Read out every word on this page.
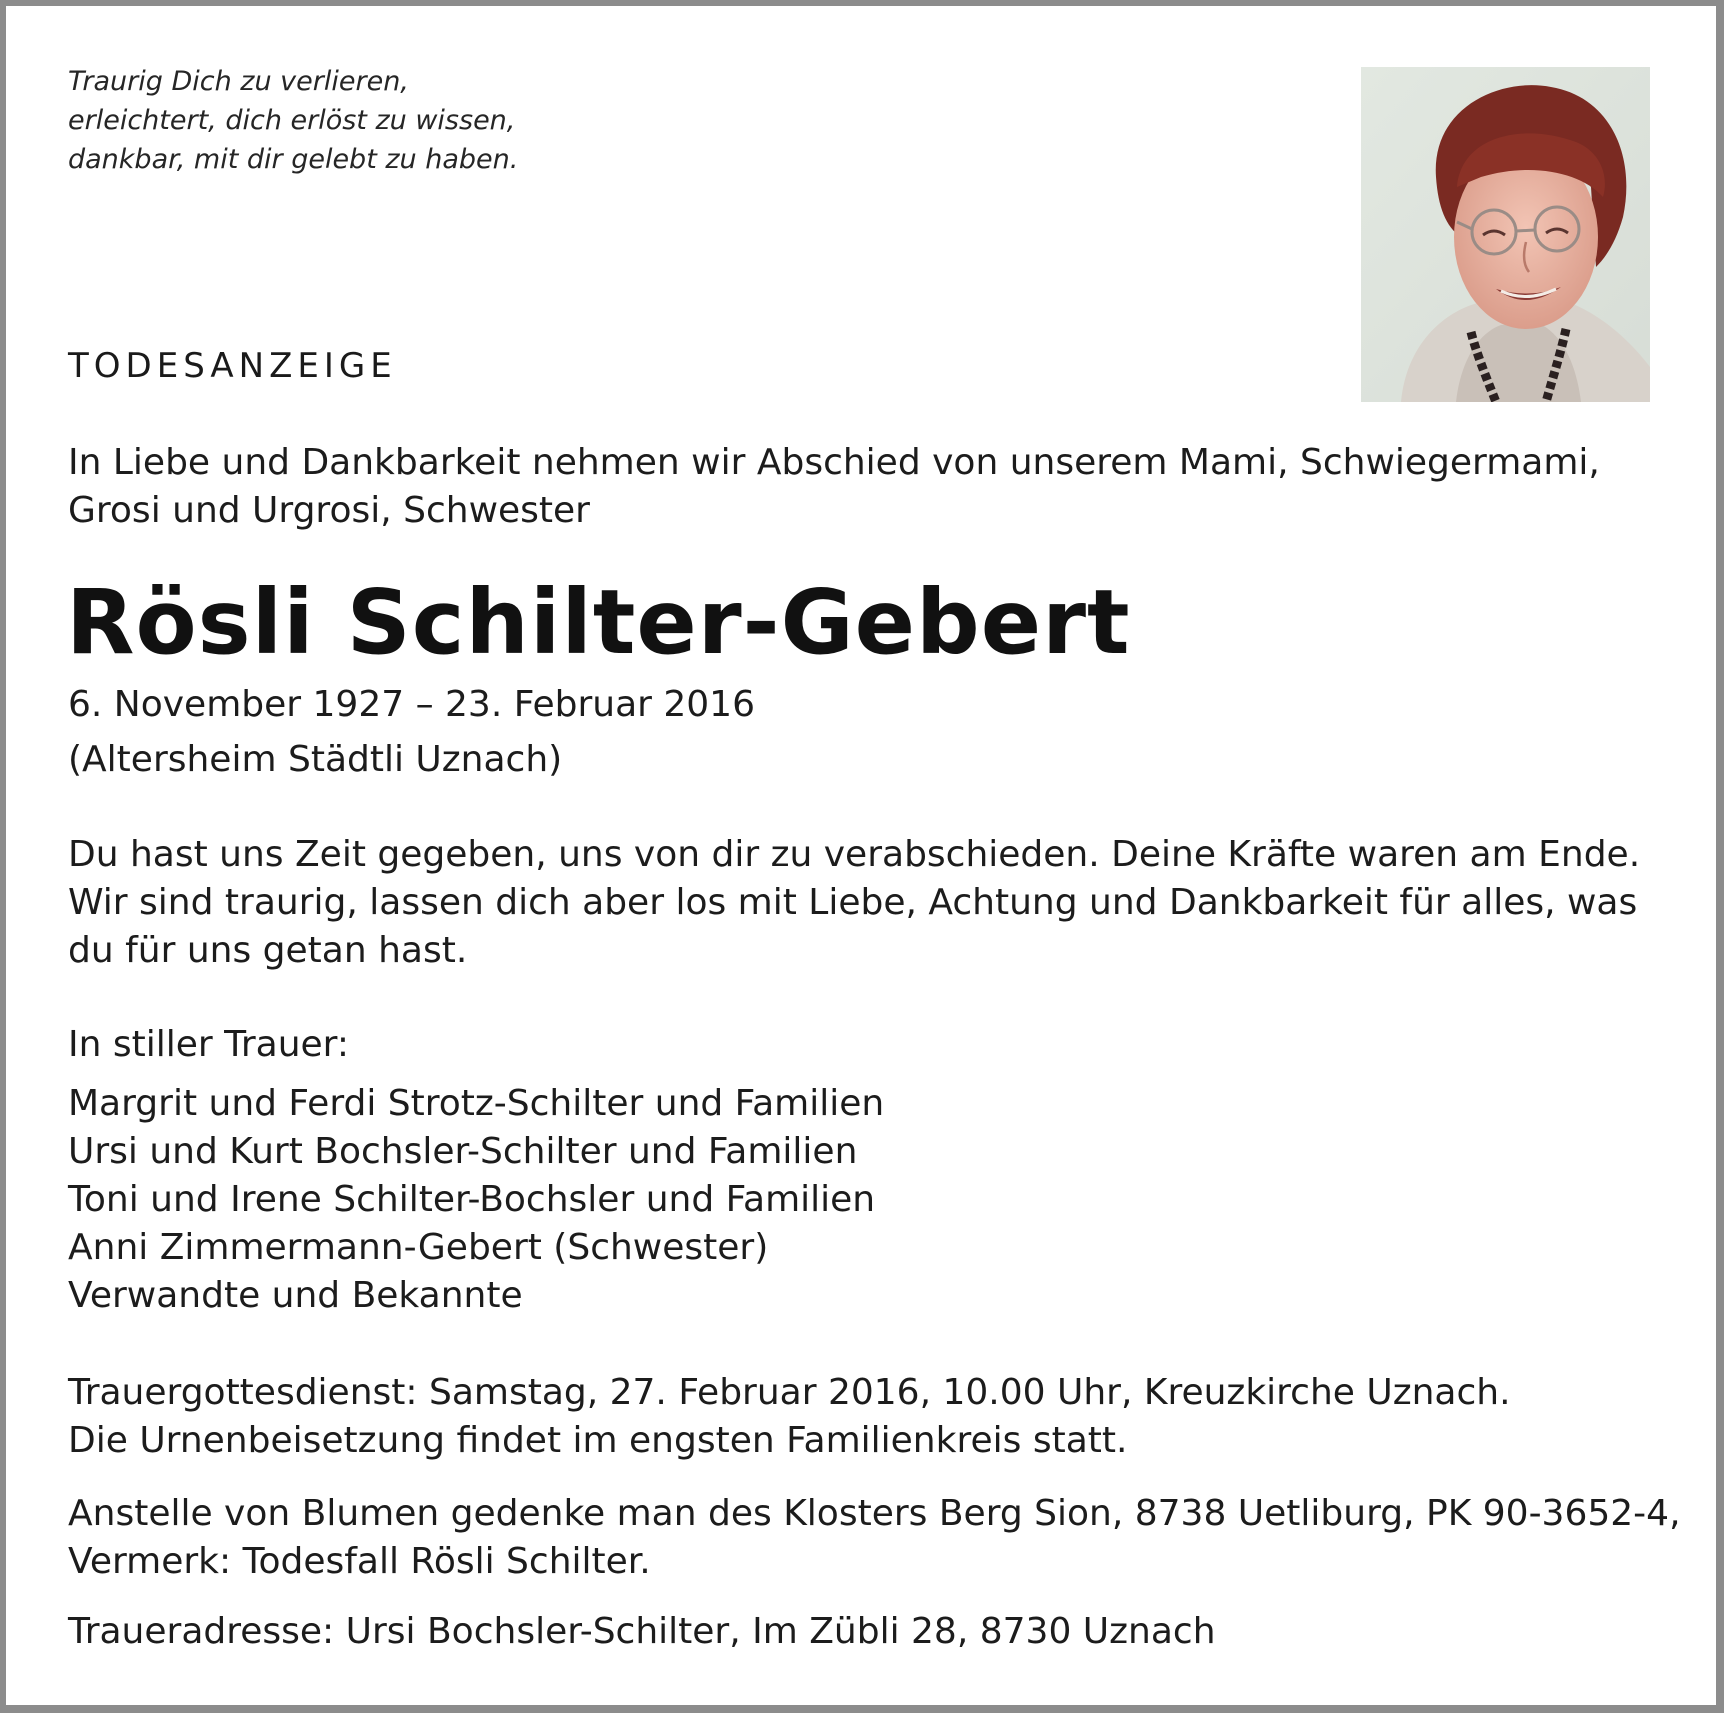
Traurig Dich zu verlieren,
erleichtert, dich erlöst zu wissen,
dankbar, mit dir gelebt zu haben.

TODESANZEIGE

In Liebe und Dankbarkeit nehmen wir Abschied von unserem Mami, Schwiegermami,
Grosi und Urgrosi, Schwester

Rösli Schilter-Gebert

6. November 1927 – 23. Februar 2016

(Altersheim Städtli Uznach)

Du hast uns Zeit gegeben, uns von dir zu verabschieden. Deine Kräfte waren am Ende.
Wir sind traurig, lassen dich aber los mit Liebe, Achtung und Dankbarkeit für alles, was
du für uns getan hast.

In stiller Trauer:

Margrit und Ferdi Strotz-Schilter und Familien
Ursi und Kurt Bochsler-Schilter und Familien
Toni und Irene Schilter-Bochsler und Familien
Anni Zimmermann-Gebert (Schwester)
Verwandte und Bekannte

Trauergottesdienst: Samstag, 27. Februar 2016, 10.00 Uhr, Kreuzkirche Uznach.
Die Urnenbeisetzung findet im engsten Familienkreis statt.

Anstelle von Blumen gedenke man des Klosters Berg Sion, 8738 Uetliburg, PK 90-3652-4,
Vermerk: Todesfall Rösli Schilter.

Traueradresse: Ursi Bochsler-Schilter, Im Zübli 28, 8730 Uznach
